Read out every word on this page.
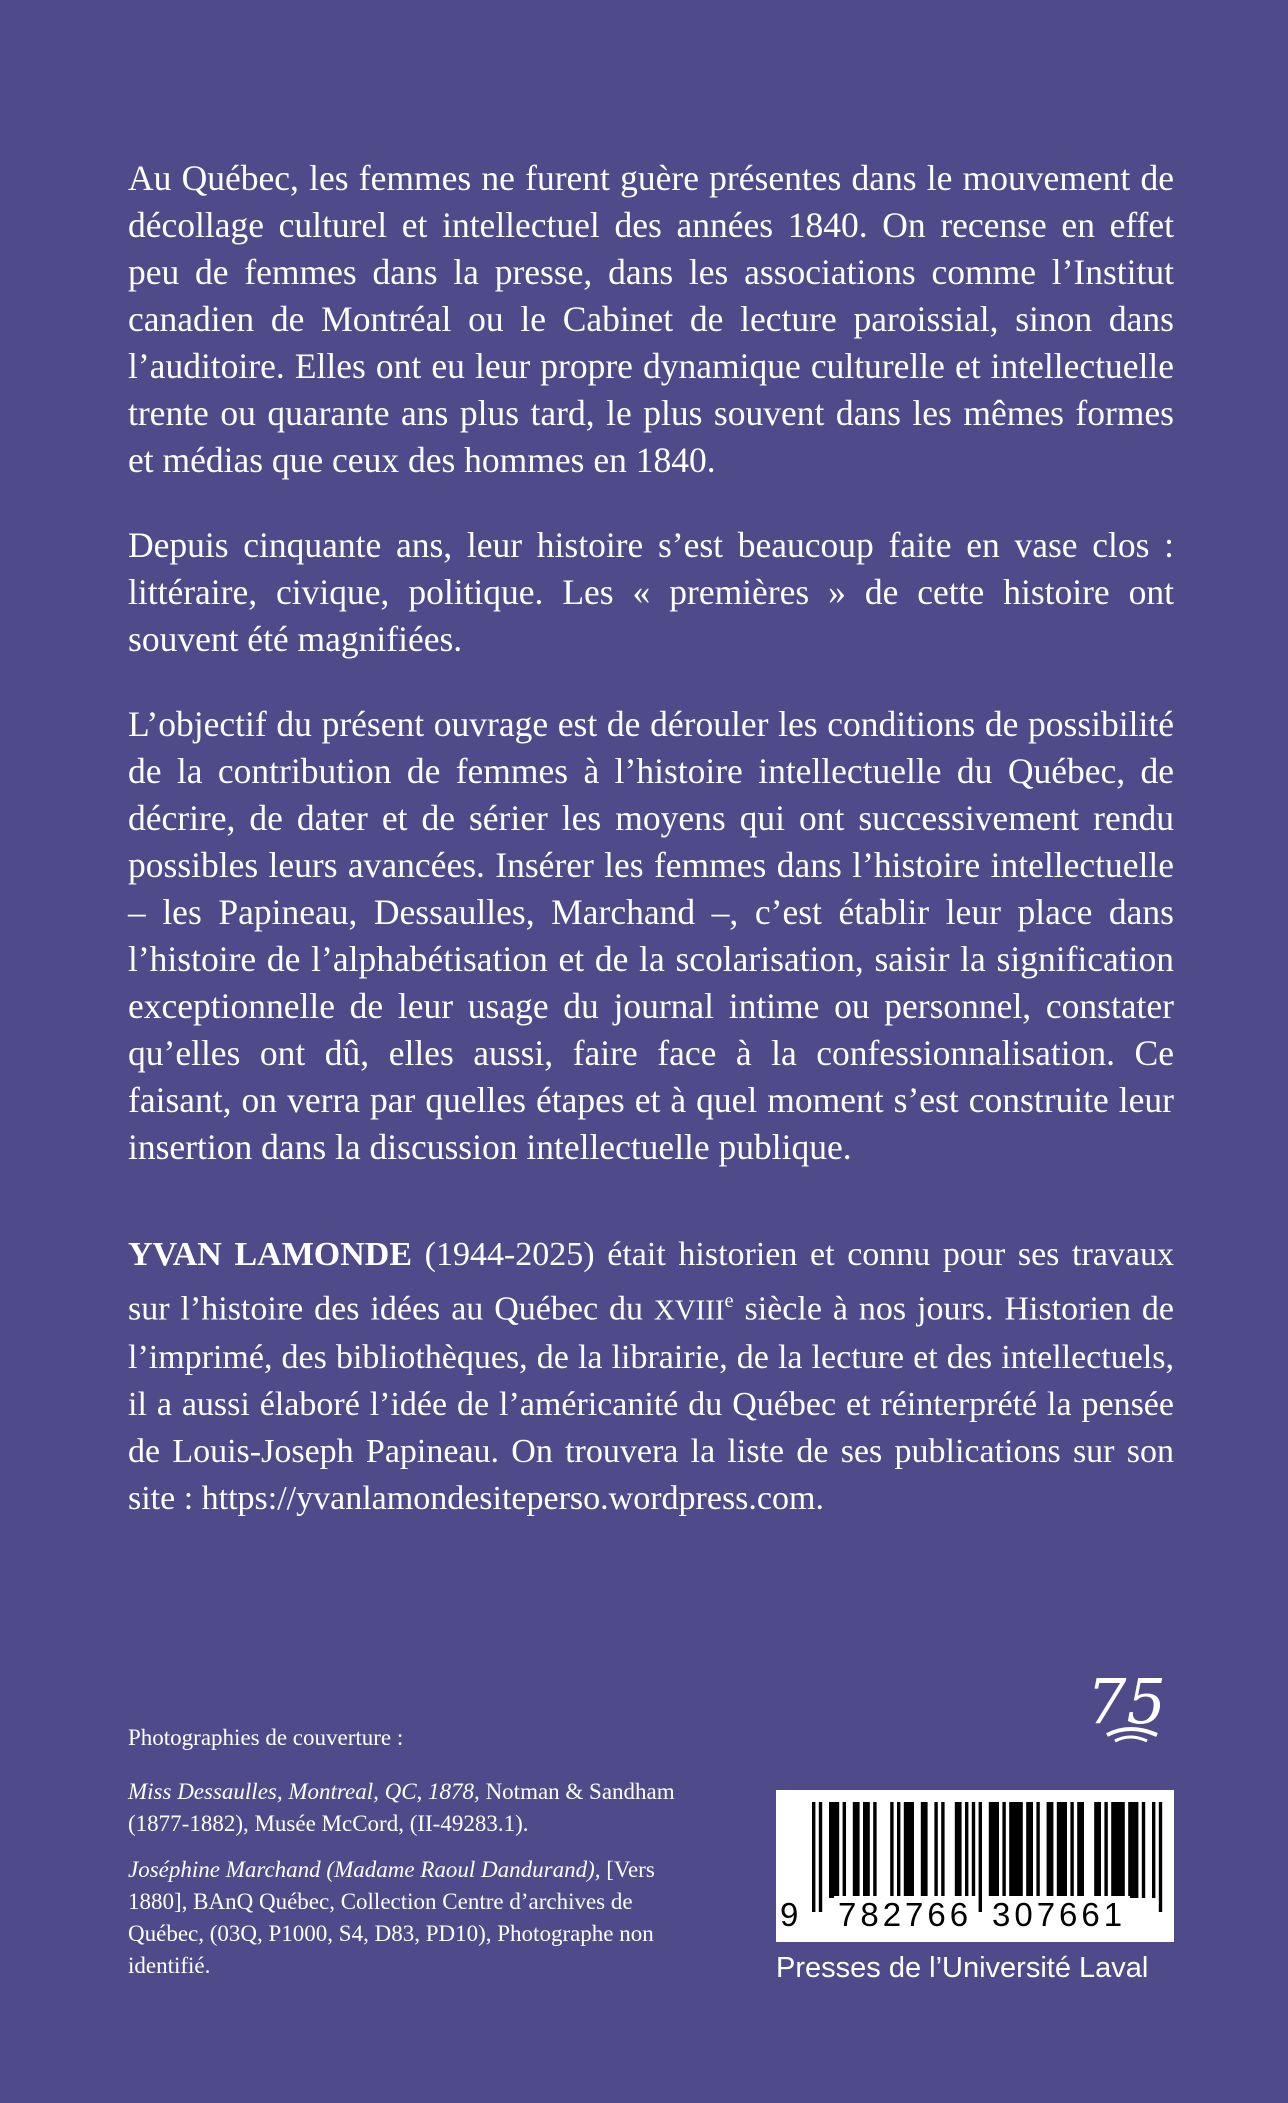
Au Québec, les femmes ne furent guère présentes dans le mouvement de décollage culturel et intellectuel des années 1840. On recense en effet peu de femmes dans la presse, dans les associations comme l’Institut canadien de Montréal ou le Cabinet de lecture paroissial, sinon dans l’auditoire. Elles ont eu leur propre dynamique culturelle et intellectuelle trente ou quarante ans plus tard, le plus souvent dans les mêmes formes et médias que ceux des hommes en 1840.

Depuis cinquante ans, leur histoire s’est beaucoup faite en vase clos : littéraire, civique, politique. Les « premières » de cette histoire ont souvent été magnifiées.

L’objectif du présent ouvrage est de dérouler les conditions de possibilité de la contribution de femmes à l’histoire intellectuelle du Québec, de décrire, de dater et de sérier les moyens qui ont successivement rendu possibles leurs avancées. Insérer les femmes dans l’histoire intellectuelle – les Papineau, Dessaulles, Marchand –, c’est établir leur place dans l’histoire de l’alphabétisation et de la scolarisation, saisir la signification exceptionnelle de leur usage du journal intime ou personnel, constater qu’elles ont dû, elles aussi, faire face à la confessionnalisation. Ce faisant, on verra par quelles étapes et à quel moment s’est construite leur insertion dans la discussion intellectuelle publique.

YVAN LAMONDE (1944-2025) était historien et connu pour ses travaux sur l’histoire des idées au Québec du XVIIIe siècle à nos jours. Historien de l’imprimé, des bibliothèques, de la librairie, de la lecture et des intellectuels, il a aussi élaboré l’idée de l’américanité du Québec et réinterprété la pensée de Louis-Joseph Papineau. On trouvera la liste de ses publications sur son site : https://yvanlamondesiteperso.wordpress.com.

Photographies de couverture :
Miss Dessaulles, Montreal, QC, 1878, Notman & Sandham (1877-1882), Musée McCord, (II-49283.1).
Joséphine Marchand (Madame Raoul Dandurand), [Vers 1880], BAnQ Québec, Collection Centre d’archives de Québec, (03Q, P1000, S4, D83, PD10), Photographe non identifié.
75
9 782766 307661
Presses de l’Université Laval
